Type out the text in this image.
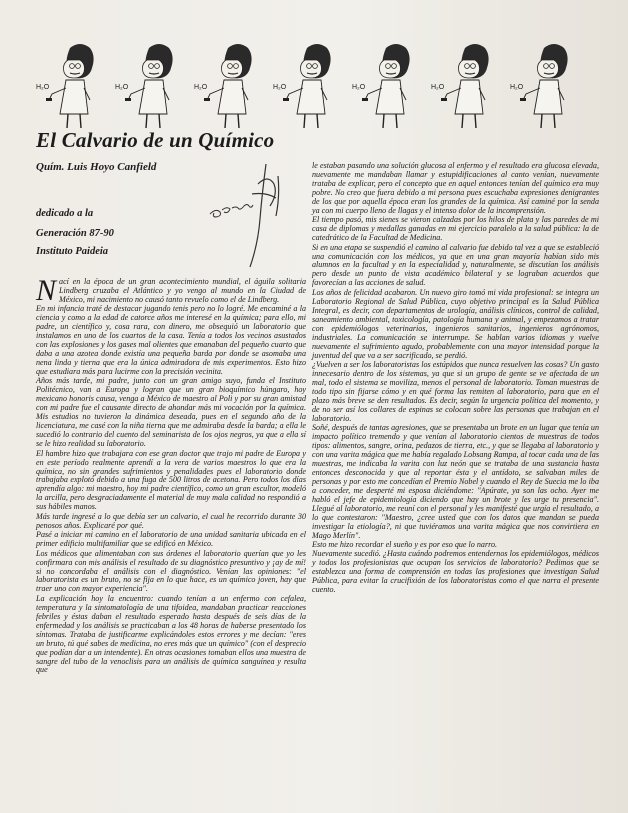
H₂O	H₂O	H₂O	H₂O	H₂O	H₂O	H₂O
El Calvario de un Químico
Quím. Luis Hoyo Canfield
dedicado a la
Generación 87-90
Instituto Paideia

Nací en la época de un gran acontecimiento mundial, el águila solitaria Lindberg cruzaba el Atlántico y yo vengo al mundo en la Ciudad de México, mi nacimiento no causó tanto revuelo como el de Lindberg.

En mi infancia traté de destacar jugando tenis pero no lo logré. Me encaminé a la ciencia y como a la edad de catorce años me interesé en la química; para ello, mi padre, un científico y, cosa rara, con dinero, me obsequió un laboratorio que instalamos en uno de los cuartos de la casa. Tenía a todos los vecinos asustados con las explosiones y los gases mal olientes que emanaban del pequeño cuarto que daba a una azotea donde existía una pequeña barda por donde se asomaba una nena linda y tierna que era la única admiradora de mis experimentos. Esto hizo que estudiara más para lucirme con la precisión vecinita.

Años más tarde, mi padre, junto con un gran amigo suyo, funda el Instituto Politécnico, van a Europa y logran que un gran bioquímico húngaro, hoy mexicano honoris causa, venga a México de maestro al Poli y por su gran amistad con mi padre fue el causante directo de ahondar más mi vocación por la química. Mis estudios no tuvieron la dinámica deseada, pues en el segundo año de la licenciatura, me casé con la niña tierna que me admiraba desde la barda; a ella le sucedió lo contrario del cuento del seminarista de los ojos negros, ya que a ella sí se le hizo realidad su laboratorio.

El hambre hizo que trabajara con ese gran doctor que trajo mi padre de Europa y en este período realmente aprendí a la vera de varios maestros lo que era la química, no sin grandes sufrimientos y penalidades pues el laboratorio donde trabajaba explotó debido a una fuga de 500 litros de acetona. Pero todos los días aprendía algo: mi maestro, hoy mi padre científico, como un gran escultor, modeló la arcilla, pero desgraciadamente el material de muy mala calidad no respondió a sus hábiles manos.

Más tarde ingresé a lo que debía ser un calvario, el cual he recorrido durante 30 penosos años. Explicaré por qué.

Pasé a iniciar mi camino en el laboratorio de una unidad sanitaria ubicada en el primer edificio multifamiliar que se edificó en México.

Los médicos que alimentaban con sus órdenes el laboratorio querían que yo les confirmara con mis análisis el resultado de su diagnóstico presuntivo y ¡ay de mí! si no concordaba el análisis con el diagnóstico. Venían las opiniones: "el laboratorista es un bruto, no se fija en lo que hace, es un químico joven, hay que traer uno con mayor experiencia".

La explicación hoy la encuentro: cuando tenían a un enfermo con cefalea, temperatura y la sintomatología de una tifoidea, mandaban practicar reacciones febriles y éstas daban el resultado esperado hasta después de seis días de la enfermedad y los análisis se practicaban a los 48 horas de haberse presentado los síntomas. Trataba de justificarme explicándoles estos errores y me decían: "eres un bruto, tú qué sabes de medicina, no eres más que un químico" (con el desprecio que podían dar a un intendente). En otras ocasiones tomaban ellos una muestra de sangre del tubo de la venoclisis para un análisis de química sanguínea y resulta que

le estaban pasando una solución glucosa al enfermo y el resultado era glucosa elevada, nuevamente me mandaban llamar y estupidificaciones al canto venían, nuevamente trataba de explicar, pero el concepto que en aquel entonces tenían del químico era muy pobre. No creo que fuera debido a mi persona pues escuchaba expresiones denigrantes de los que por aquella época eran los grandes de la química. Así caminé por la senda ya con mi cuerpo lleno de llagas y el intenso dolor de la incomprensión.

El tiempo pasó, mis sienes se vieron calzadas por los hilos de plata y las paredes de mi casa de diplomas y medallas ganadas en mi ejercicio paralelo a la salud pública: la de catedrático de la Facultad de Medicina.

Si en una etapa se suspendió el camino al calvario fue debido tal vez a que se estableció una comunicación con los médicos, ya que en una gran mayoría habían sido mis alumnos en la facultad y en la especialidad y, naturalmente, se discutían los análisis pero desde un punto de vista académico bilateral y se lograban acuerdos que favorecían a las acciones de salud.

Los años de felicidad acabaron. Un nuevo giro tomó mi vida profesional: se integra un Laboratorio Regional de Salud Pública, cuyo objetivo principal es la Salud Pública Integral, es decir, con departamentos de urología, análisis clínicos, control de calidad, saneamiento ambiental, toxicología, patología humana y animal, y empezamos a tratar con epidemiólogos veterinarios, ingenieros sanitarios, ingenieros agrónomos, industriales. La comunicación se interrumpe. Se hablan varios idiomas y vuelve nuevamente el sufrimiento agudo, probablemente con una mayor intensidad porque la juventud del que va a ser sacrificado, se perdió.

¿Vuelven a ser los laboratoristas los estúpidos que nunca resuelven las cosas? Un gasto innecesario dentro de los sistemas, ya que si un grupo de gente se ve afectada de un mal, todo el sistema se moviliza, menos el personal de laboratorio. Toman muestras de todo tipo sin fijarse cómo y en qué forma las remiten al laboratorio, para que en el plazo más breve se den resultados. Es decir, según la urgencia política del momento, y de no ser así los collares de espinas se colocan sobre las personas que trabajan en el laboratorio.

Soñé, después de tantas agresiones, que se presentaba un brote en un lugar que tenía un impacto político tremendo y que venían al laboratorio cientos de muestras de todos tipos: alimentos, sangre, orina, pedazos de tierra, etc., y que se llegaba al laboratorio y con una varita mágica que me había regalado Lobsang Rampa, al tocar cada una de las muestras, me indicaba la varita con luz neón que se trataba de una sustancia hasta entonces desconocida y que al reportar ésta y el antídoto, se salvaban miles de personas y por esto me concedían el Premio Nobel y cuando el Rey de Suecia me lo iba a conceder, me desperté mi esposa diciéndome: "Apúrate, ya son las ocho. Ayer me habló el jefe de epidemiología diciendo que hay un brote y les urge tu presencia". Llegué al laboratorio, me reuní con el personal y les manifesté que urgía el resultado, a lo que contestaron: "Maestro, ¿cree usted que con los datos que mandan se pueda investigar la etiología?, ni que tuviéramos una varita mágica que nos convirtiera en Mago Merlín".

Esto me hizo recordar el sueño y es por eso que lo narro.

Nuevamente sucedió. ¿Hasta cuándo podremos entendernos los epidemiólogos, médicos y todos los profesionistas que ocupan los servicios de laboratorio? Pedimos que se establezca una forma de comprensión en todas las profesiones que investigan Salud Pública, para evitar la crucifixión de los laboratoristas como el que narra el presente cuento.
